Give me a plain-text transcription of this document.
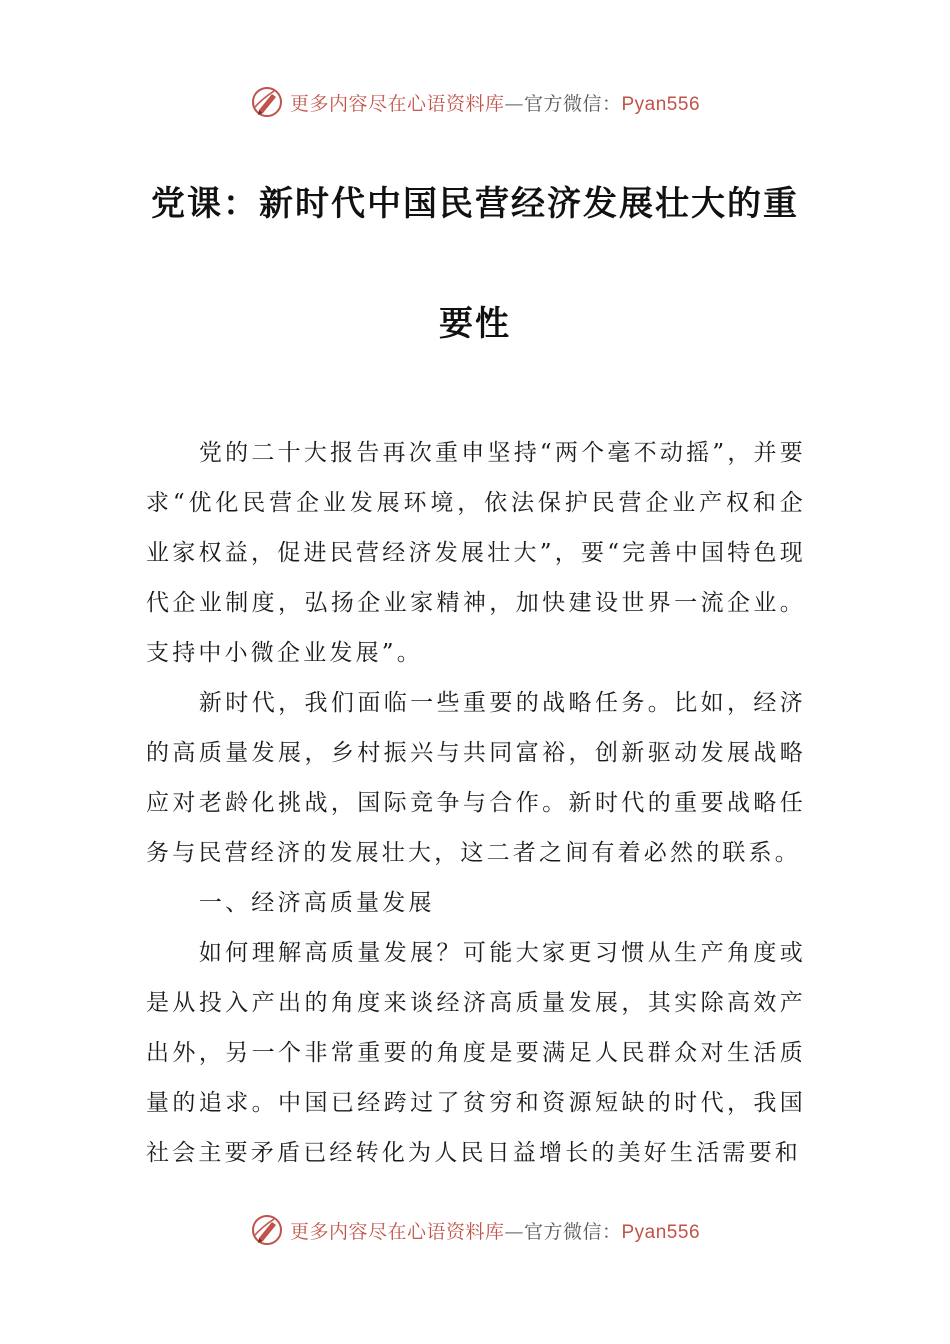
更多内容尽在心语资料库—官方微信：Pyan556
党课：新时代中国民营经济发展壮大的重
要性

党的二十大报告再次重申坚持“两个毫不动摇”，并要求“优化民营企业发展环境，依法保护民营企业产权和企业家权益，促进民营经济发展壮大”，要“完善中国特色现代企业制度，弘扬企业家精神，加快建设世界一流企业。支持中小微企业发展”。

新时代，我们面临一些重要的战略任务。比如，经济的高质量发展，乡村振兴与共同富裕，创新驱动发展战略应对老龄化挑战，国际竞争与合作。新时代的重要战略任务与民营经济的发展壮大，这二者之间有着必然的联系。

一、经济高质量发展

如何理解高质量发展？可能大家更习惯从生产角度或是从投入产出的角度来谈经济高质量发展，其实除高效产出外，另一个非常重要的角度是要满足人民群众对生活质量的追求。中国已经跨过了贫穷和资源短缺的时代，我国社会主要矛盾已经转化为人民日益增长的美好生活需要和

更多内容尽在心语资料库—官方微信：Pyan556
